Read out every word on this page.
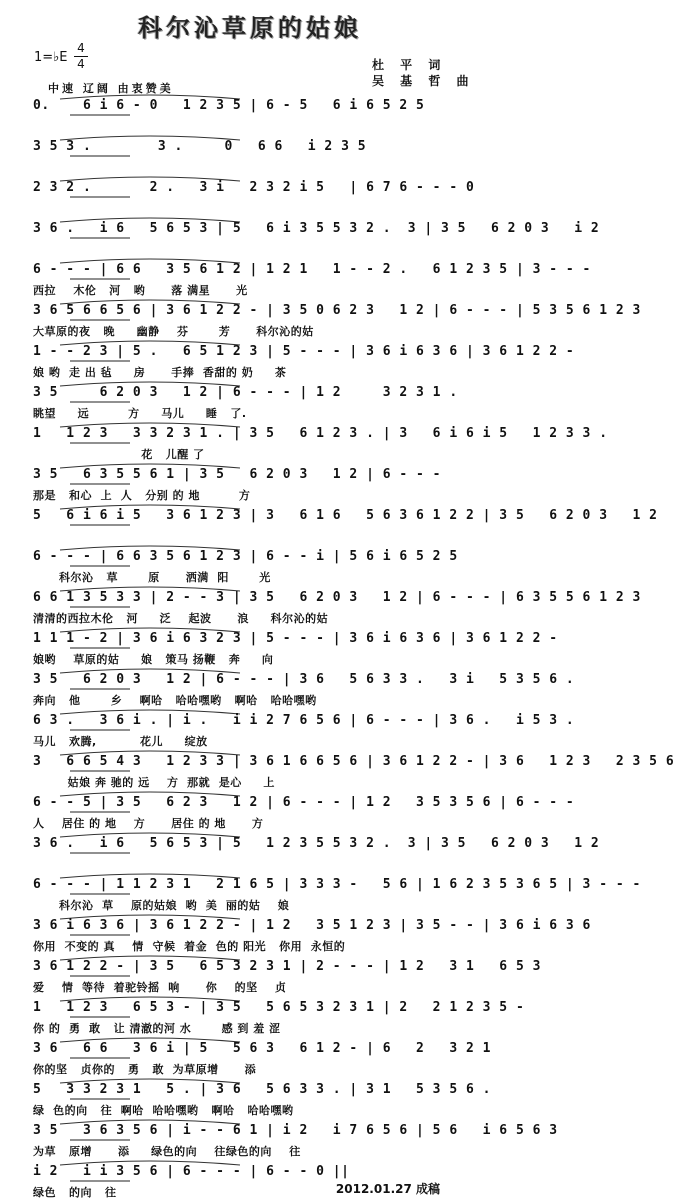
科尔沁草原的姑娘
1=♭E
4
4	杜 平 词
吴 基 哲 曲
中速 辽阔 由衷赞美
0.    6 i 6 - 0   1 2 3 5 | 6 - 5   6 i 6 5 2 5
3 5 3 .        3 .     0   6 6   i 2 3 5
2 3 2 .       2 .   3 i   2 3 2 i 5   | 6 7 6 - - - 0
3 6 .   i 6   5 6 5 3 | 5   6 i 3 5 5 3 2 .  3 | 3 5   6 2 0 3   i 2
6 - - - | 6 6   3 5 6 1 2 | 1 2 1   1 - - 2 .   6 1 2 3 5 | 3 - - -
西拉    木伦   河   哟      落 满星      光
3 6 5 6 6 5 6 | 3 6 1 2 2 - | 3 5 0 6 2 3   1 2 | 6 - - - | 5 3 5 6 1 2 3
大草原的夜   晚     幽静    芬       芳      科尔沁的姑
1 - - 2 3 | 5 .   6 5 1 2 3 | 5 - - - | 3 6 i 6 3 6 | 3 6 1 2 2 -
娘 哟  走 出 毡     房      手捧  香甜的 奶     茶
3 5     6 2 0 3   1 2 | 6 - - - | 1 2     3 2 3 1 .
眺望     远         方     马儿     睡   了.
1   1 2 3   3 3 2 3 1 . | 3 5   6 1 2 3 . | 3   6 i 6 i 5   1 2 3 3 .
花   儿醒 了
3 5   6 3 5 5 6 1 | 3 5   6 2 0 3   1 2 | 6 - - -
那是   和心  上  人   分别 的 地         方
5   6 i 6 i 5   3 6 1 2 3 | 3   6 1 6   5 6 3 6 1 2 2 | 3 5   6 2 0 3   1 2
6 - - - | 6 6 3 5 6 1 2 3 | 6 - - i | 5 6 i 6 5 2 5
科尔沁   草       原      洒满  阳       光
6 6 1 3 5 3 3 | 2 - - 3 | 3 5   6 2 0 3   1 2 | 6 - - - | 6 3 5 5 6 1 2 3
清清的西拉木伦   河     泛    起波      浪     科尔沁的姑
1 1 1 - 2 | 3 6 i 6 3 2 3 | 5 - - - | 3 6 i 6 3 6 | 3 6 1 2 2 -
娘哟    草原的姑     娘   策马 扬鞭   奔     向
3 5   6 2 0 3   1 2 | 6 - - - | 3 6   5 6 3 3 .   3 i   5 3 5 6 .
奔向   他       乡    啊哈   哈哈嘿哟   啊哈   哈哈嘿哟
6 3 .   3 6 i . | i .   i i 2 7 6 5 6 | 6 - - - | 3 6 .   i 5 3 .
马儿   欢腾,          花儿     绽放
3   6 6 5 4 3   1 2 3 3 | 3 6 1 6 6 5 6 | 3 6 1 2 2 - | 3 6   1 2 3   2 3 5 6
姑娘 奔 驰的 远    方  那就  是心     上
6 - - 5 | 3 5   6 2 3   1 2 | 6 - - - | 1 2   3 5 3 5 6 | 6 - - -
人    居住 的 地    方      居住 的 地      方
3 6 .   i 6   5 6 5 3 | 5   1 2 3 5 5 3 2 .  3 | 3 5   6 2 0 3   1 2
6 - - - | 1 1 2 3 1   2 1 6 5 | 3 3 3 -   5 6 | 1 6 2 3 5 3 6 5 | 3 - - -
科尔沁  草    原的姑娘  哟  美  丽的姑    娘
3 6 i 6 3 6 | 3 6 1 2 2 - | 1 2   3 5 1 2 3 | 3 5 - - | 3 6 i 6 3 6
你用  不变的 真    情  守候  着金  色的 阳光   你用  永恒的
3 6 1 2 2 - | 3 5   6 5 3 2 3 1 | 2 - - - | 1 2   3 1   6 5 3
爱    情  等待  着驼铃摇  响      你    的坚    贞
1   1 2 3   6 5 3 - | 3 5   5 6 5 3 2 3 1 | 2   2 1 2 3 5 -
你 的  勇  敢   让 清澈的河 水       感 到 羞 涩
3 6   6 6   3 6 i | 5   5 6 3   6 1 2 - | 6   2   3 2 1
你的坚   贞你的   勇   敢  为草原增      添
5   3 3 2 3 1   5 . | 3 6   5 6 3 3 . | 3 1   5 3 5 6 .
绿  色的向   往  啊哈  哈哈嘿哟   啊哈   哈哈嘿哟
3 5   3 6 3 5 6 | i - - 6 1 | i 2   i 7 6 5 6 | 5 6   i 6 5 6 3
为草   原增      添     绿色的向    往绿色的向    往
i 2   i i 3 5 6 | 6 - - - | 6 - - 0 ||
绿色   的向   往	2012.01.27 成稿
